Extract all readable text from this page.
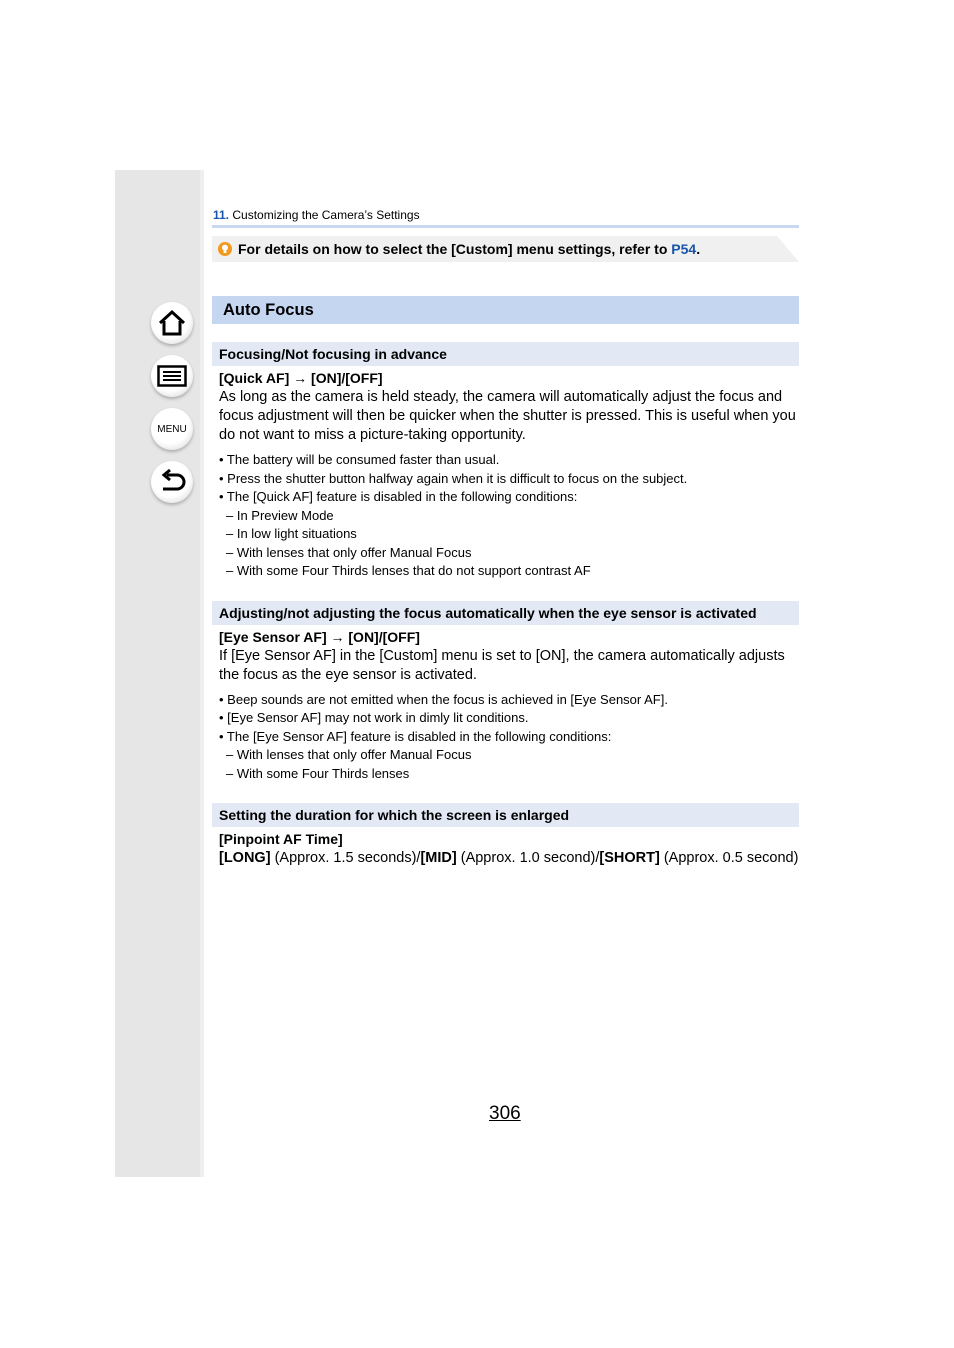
MENU
11. Customizing the Camera’s Settings
For details on how to select the [Custom] menu settings, refer to
P54 .
Auto Focus
Focusing/Not focusing in advance
[Quick AF] → [ON]/[OFF]
As long as the camera is held steady, the camera will automatically adjust the focus and focus adjustment will then be quicker when the shutter is pressed. This is useful when you do not want to miss a picture-taking opportunity.
• The battery will be consumed faster than usual.
• Press the shutter button halfway again when it is difficult to focus on the subject.
• The [Quick AF] feature is disabled in the following conditions:
– In Preview Mode
– In low light situations
– With lenses that only offer Manual Focus
– With some Four Thirds lenses that do not support contrast AF
Adjusting/not adjusting the focus automatically when the eye sensor is activated
[Eye Sensor AF] → [ON]/[OFF]
If [Eye Sensor AF] in the [Custom] menu is set to [ON], the camera automatically adjusts the focus as the eye sensor is activated.
• Beep sounds are not emitted when the focus is achieved in [Eye Sensor AF].
• [Eye Sensor AF] may not work in dimly lit conditions.
• The [Eye Sensor AF] feature is disabled in the following conditions:
– With lenses that only offer Manual Focus
– With some Four Thirds lenses
Setting the duration for which the screen is enlarged
[Pinpoint AF Time]
[LONG] (Approx. 1.5 seconds)/[MID] (Approx. 1.0 second)/[SHORT] (Approx. 0.5 second)
306
